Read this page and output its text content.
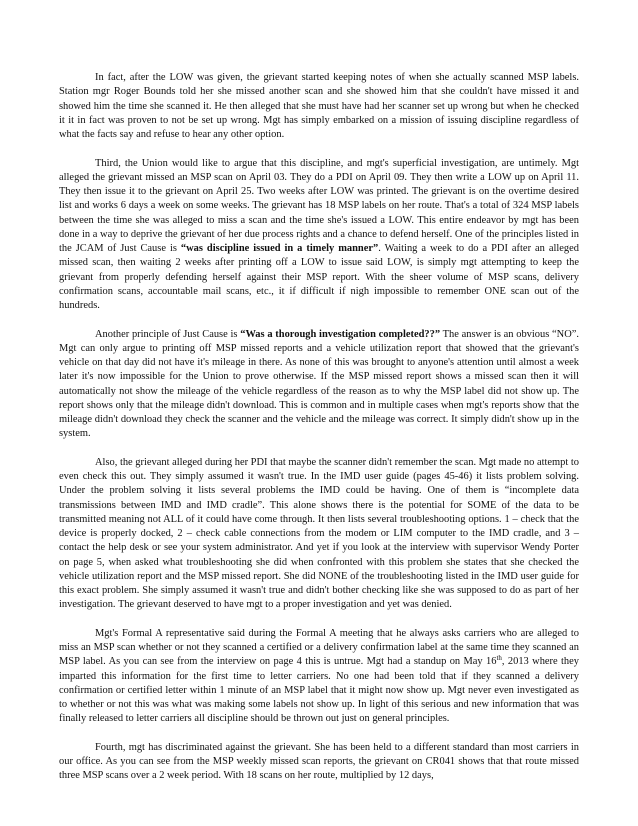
In fact, after the LOW was given, the grievant started keeping notes of when she actually scanned MSP labels. Station mgr Roger Bounds told her she missed another scan and she showed him that she couldn't have missed it and showed him the time she scanned it. He then alleged that she must have had her scanner set up wrong but when he checked it it in fact was proven to not be set up wrong. Mgt has simply embarked on a mission of issuing discipline regardless of what the facts say and refuse to hear any other option.

Third, the Union would like to argue that this discipline, and mgt's superficial investigation, are untimely. Mgt alleged the grievant missed an MSP scan on April 03. They do a PDI on April 09. They then write a LOW up on April 11. They then issue it to the grievant on April 25. Two weeks after LOW was printed. The grievant is on the overtime desired list and works 6 days a week on some weeks. The grievant has 18 MSP labels on her route. That's a total of 324 MSP labels between the time she was alleged to miss a scan and the time she's issued a LOW. This entire endeavor by mgt has been done in a way to deprive the grievant of her due process rights and a chance to defend herself. One of the principles listed in the JCAM of Just Cause is “was discipline issued in a timely manner”. Waiting a week to do a PDI after an alleged missed scan, then waiting 2 weeks after printing off a LOW to issue said LOW, is simply mgt attempting to keep the grievant from properly defending herself against their MSP report. With the sheer volume of MSP scans, delivery confirmation scans, accountable mail scans, etc., it if difficult if nigh impossible to remember ONE scan out of the hundreds.

Another principle of Just Cause is “Was a thorough investigation completed??” The answer is an obvious “NO”. Mgt can only argue to printing off MSP missed reports and a vehicle utilization report that showed that the grievant's vehicle on that day did not have it's mileage in there. As none of this was brought to anyone's attention until almost a week later it's now impossible for the Union to prove otherwise. If the MSP missed report shows a missed scan then it will automatically not show the mileage of the vehicle regardless of the reason as to why the MSP label did not show up. The report shows only that the mileage didn't download. This is common and in multiple cases when mgt's reports show that the mileage didn't download they check the scanner and the vehicle and the mileage was correct. It simply didn't show up in the system.

Also, the grievant alleged during her PDI that maybe the scanner didn't remember the scan. Mgt made no attempt to even check this out. They simply assumed it wasn't true. In the IMD user guide (pages 45-46) it lists problem solving. Under the problem solving it lists several problems the IMD could be having. One of them is “incomplete data transmissions between IMD and IMD cradle”. This alone shows there is the potential for SOME of the data to be transmitted meaning not ALL of it could have come through. It then lists several troubleshooting options. 1 – check that the device is properly docked, 2 – check cable connections from the modem or LIM computer to the IMD cradle, and 3 – contact the help desk or see your system administrator. And yet if you look at the interview with supervisor Wendy Porter on page 5, when asked what troubleshooting she did when confronted with this problem she states that she checked the vehicle utilization report and the MSP missed report. She did NONE of the troubleshooting listed in the IMD user guide for this exact problem. She simply assumed it wasn't true and didn't bother checking like she was supposed to do as part of her investigation. The grievant deserved to have mgt to a proper investigation and yet was denied.

Mgt's Formal A representative said during the Formal A meeting that he always asks carriers who are alleged to miss an MSP scan whether or not they scanned a certified or a delivery confirmation label at the same time they scanned an MSP label. As you can see from the interview on page 4 this is untrue. Mgt had a standup on May 16th, 2013 where they imparted this information for the first time to letter carriers. No one had been told that if they scanned a delivery confirmation or certified letter within 1 minute of an MSP label that it might now show up. Mgt never even investigated as to whether or not this was what was making some labels not show up. In light of this serious and new information that was finally released to letter carriers all discipline should be thrown out just on general principles.

Fourth, mgt has discriminated against the grievant. She has been held to a different standard than most carriers in our office. As you can see from the MSP weekly missed scan reports, the grievant on CR041 shows that that route missed three MSP scans over a 2 week period. With 18 scans on her route, multiplied by 12 days,
